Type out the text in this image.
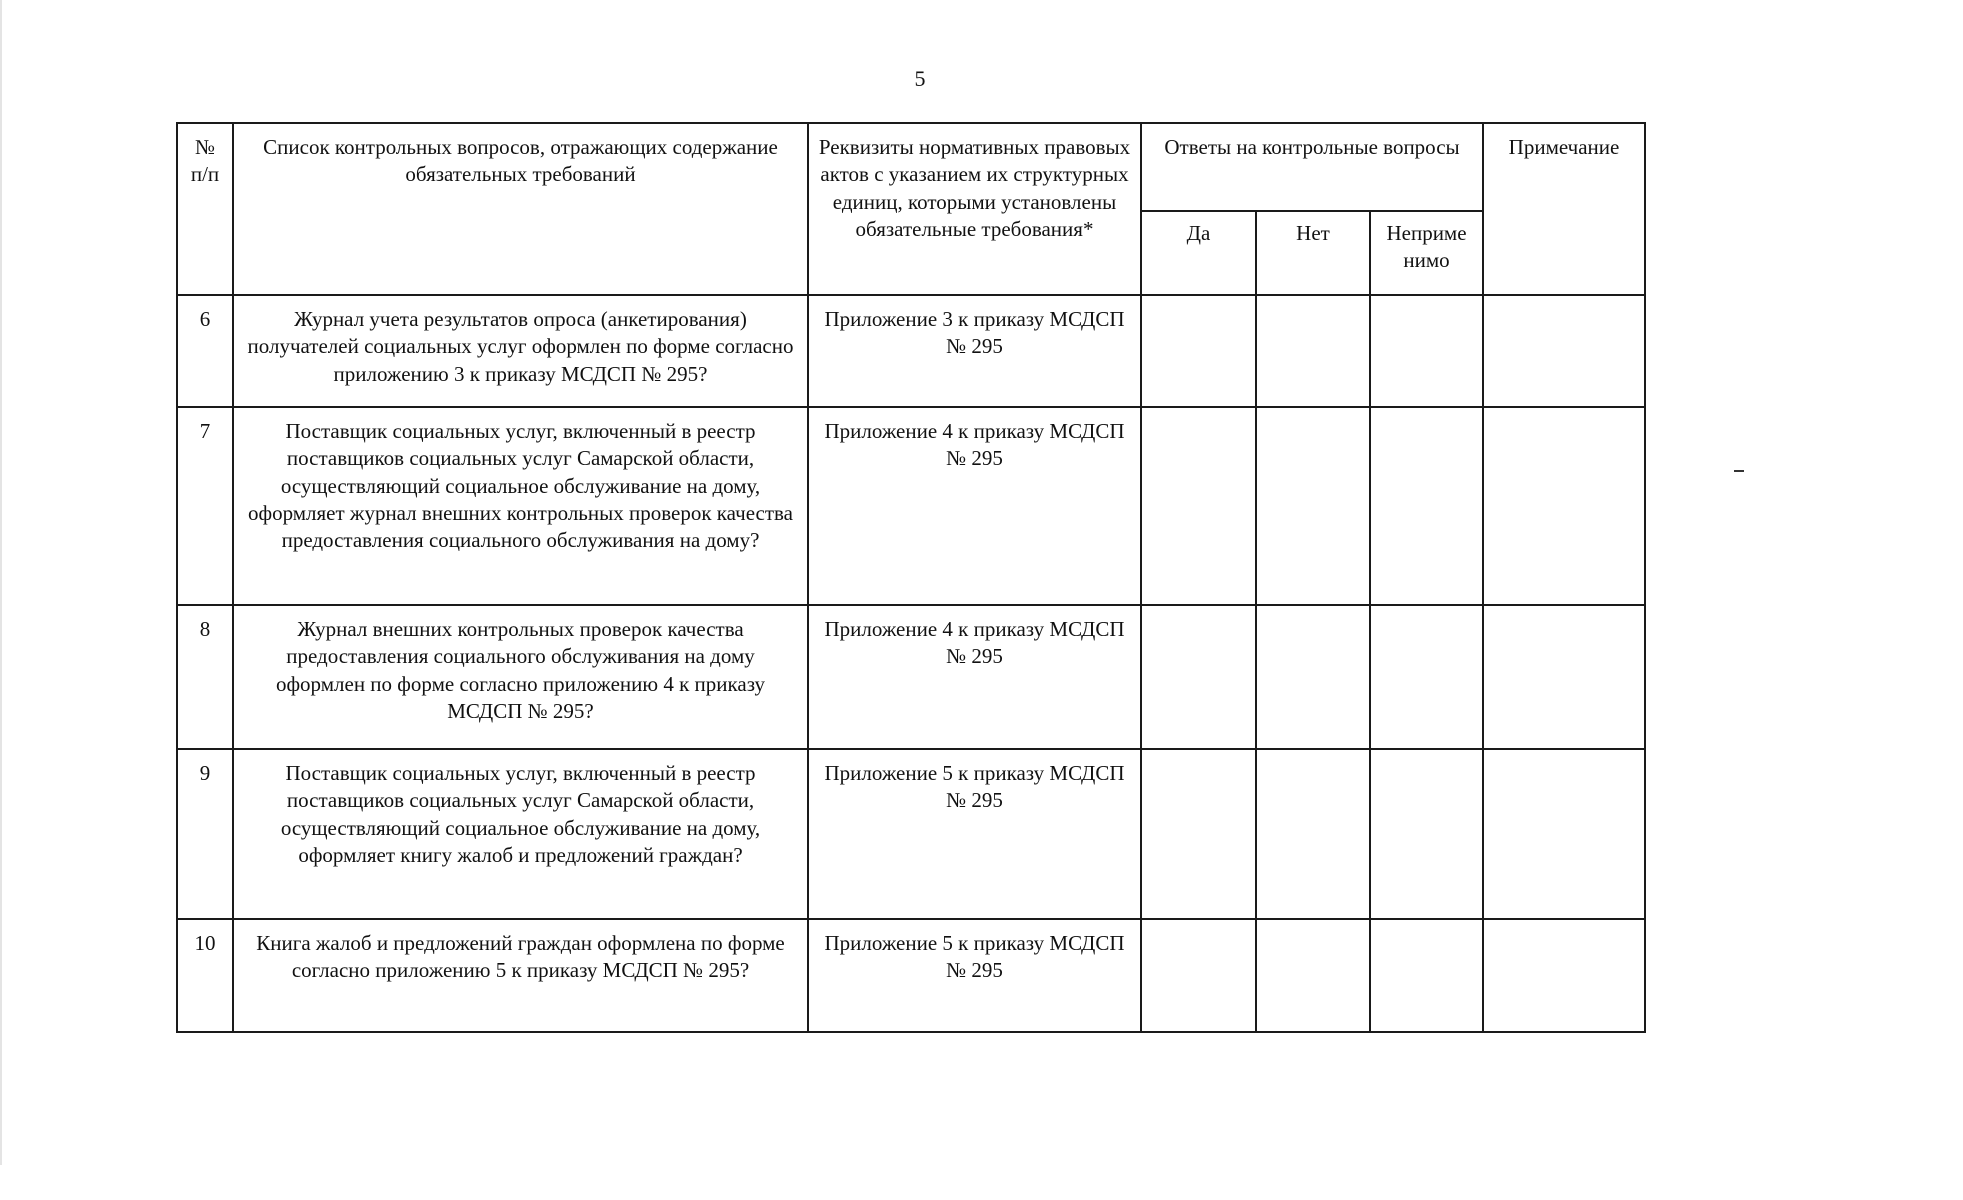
5
№ п/п	Список контрольных вопросов, отражающих содержание обязательных требований	Реквизиты нормативных правовых актов с указанием их структурных единиц, которыми установлены обязательные требования*	Ответы на контрольные вопросы			Примечание
			Да	Нет	Неприме нимо	
6	Журнал учета результатов опроса (анкетирования) получателей социальных услуг оформлен по форме согласно приложению 3 к приказу МСДСП № 295?	Приложение 3 к приказу МСДСП № 295				
7	Поставщик социальных услуг, включенный в реестр поставщиков социальных услуг Самарской области, осуществляющий социальное обслуживание на дому, оформляет журнал внешних контрольных проверок качества предоставления социального обслуживания на дому?	Приложение 4 к приказу МСДСП № 295				
8	Журнал внешних контрольных проверок качества предоставления социального обслуживания на дому оформлен по форме согласно приложению 4 к приказу МСДСП № 295?	Приложение 4 к приказу МСДСП № 295				
9	Поставщик социальных услуг, включенный в реестр поставщиков социальных услуг Самарской области, осуществляющий социальное обслуживание на дому, оформляет книгу жалоб и предложений граждан?	Приложение 5 к приказу МСДСП № 295				
10	Книга жалоб и предложений граждан оформлена по форме согласно приложению 5 к приказу МСДСП № 295?	Приложение 5 к приказу МСДСП № 295				
